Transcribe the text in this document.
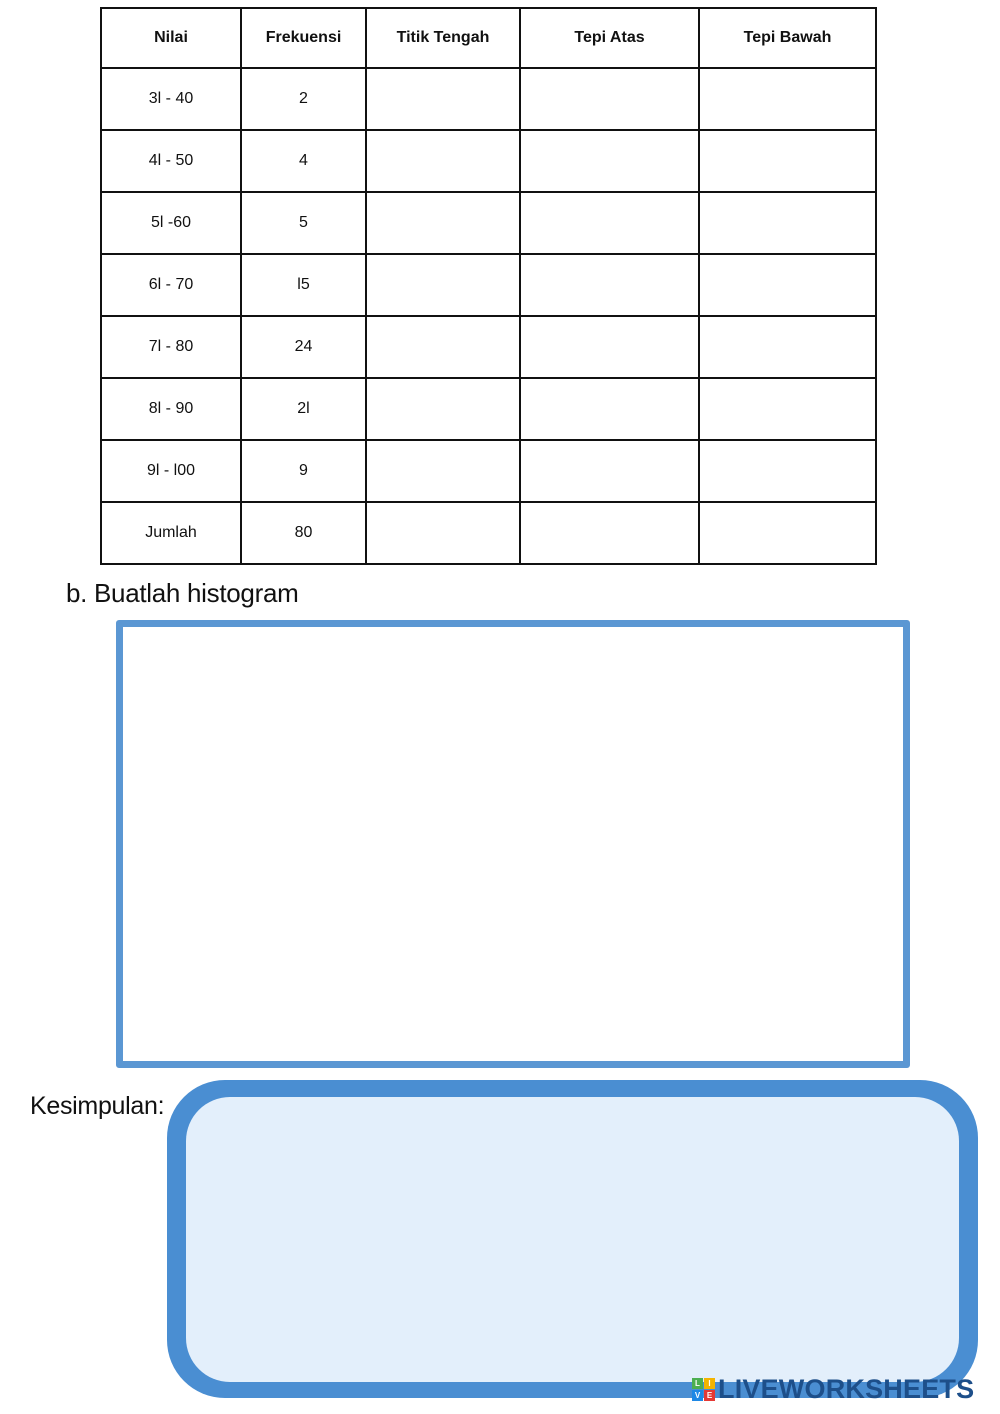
Nilai	Frekuensi	Titik Tengah	Tepi Atas	Tepi Bawah
3l - 40	2			
4l - 50	4			
5l -60	5			
6l - 70	l5			
7l - 80	24			
8l - 90	2l			
9l - l00	9			
Jumlah	80			
b. Buatlah histogram
Kesimpulan:
L	I
V E LIVEWORKSHEETS
